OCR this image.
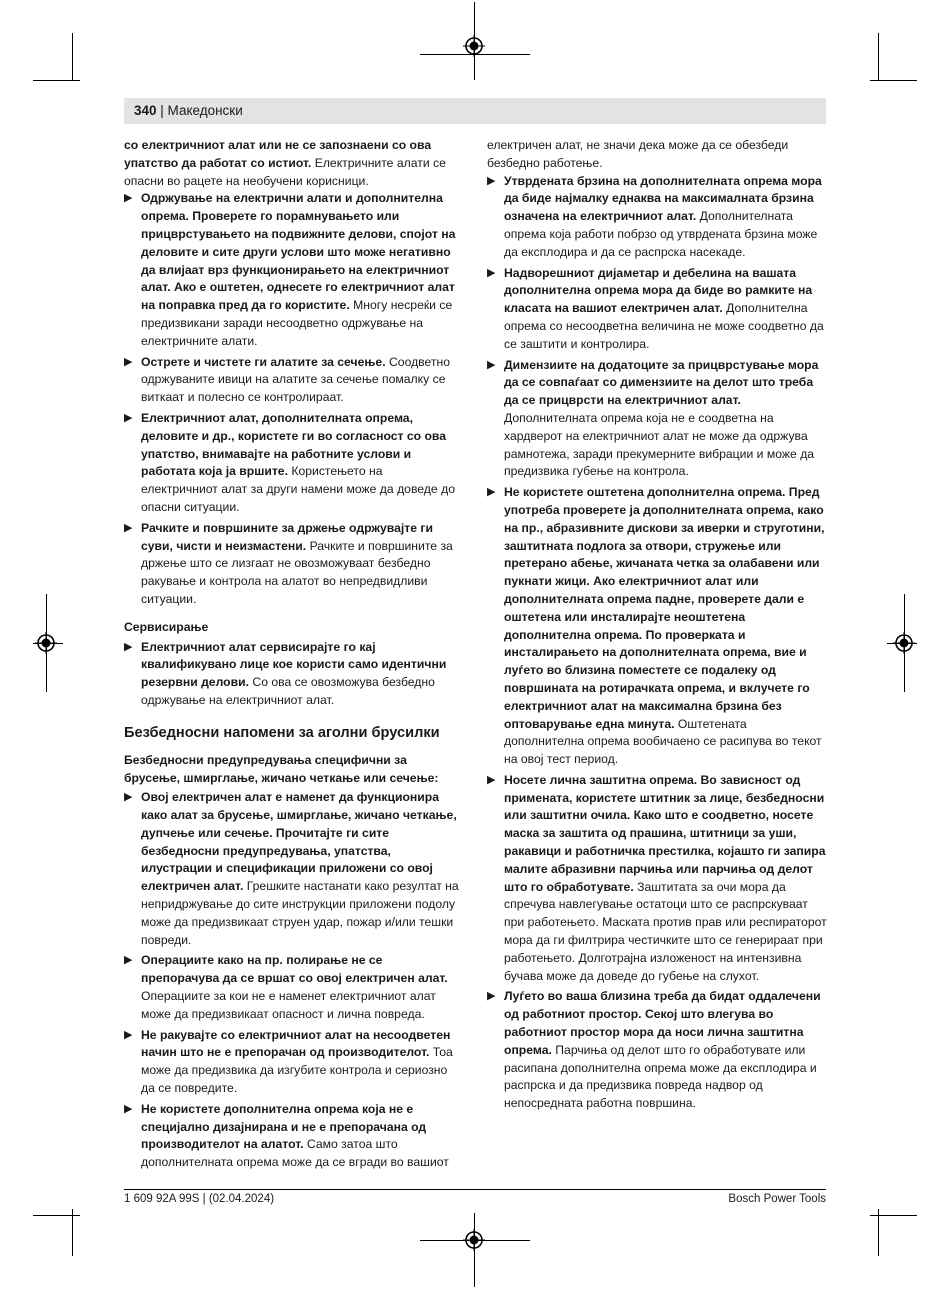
340 | Македонски

со електричниот алат или не се запознаени со ова упатство да работат со истиот. Електричните алати се опасни во рацете на необучени корисници.

▶ Одржување на електрични алати и дополнителна опрема. Проверете го порамнувањето или прицврстувањето на подвижните делови, спојот на деловите и сите други услови што може негативно да влијаат врз функционирањето на електричниот алат. Ако е оштетен, однесете го електричниот алат на поправка пред да го користите. Многу несреќи се предизвикани заради несоодветно одржување на електричните алати.
▶ Острете и чистете ги алатите за сечење. Соодветно одржуваните ивици на алатите за сечење помалку се виткаат и полесно се контролираат.
▶ Електричниот алат, дополнителната опрема, деловите и др., користете ги во согласност со ова упатство, внимавајте на работните услови и работата која ја вршите. Користењето на електричниот алат за други намени може да доведе до опасни ситуации.
▶ Рачките и површините за држење одржувајте ги суви, чисти и неизмастени. Рачките и површините за држење што се лизгаат не овозможуваат безбедно ракување и контрола на алатот во непредвидливи ситуации.
Сервисирање
▶ Електричниот алат сервисирајте го кај квалификувано лице кое користи само идентични резервни делови. Со ова се овозможува безбедно одржување на електричниот алат.
Безбедносни напомени за аголни брусилки
Безбедносни предупредувања специфични за брусење, шмирглање, жичано четкање или сечење:
▶ Овој електричен алат е наменет да функционира како алат за брусење, шмирглање, жичано четкање, дупчење или сечење. Прочитајте ги сите безбедносни предупредувања, упатства, илустрации и спецификации приложени со овој електричен алат. Грешките настанати како резултат на непридржување до сите инструкции приложени подолу може да предизвикаат струен удар, пожар и/или тешки повреди.
▶ Операциите како на пр. полирање не се препорачува да се вршат со овој електричен алат. Операциите за кои не е наменет електричниот алат може да предизвикаат опасност и лична повреда.
▶ Не ракувајте со електричниот алат на несоодветен начин што не е препорачан од производителот. Тоа може да предизвика да изгубите контрола и сериозно да се повредите.
▶ Не користете дополнителна опрема која не е специјално дизајнирана и не е препорачана од производителот на алатот. Само затоа што дополнителната опрема може да се вгради во вашиот

електричен алат, не значи дека може да се обезбеди безбедно работење.

▶ Утврдената брзина на дополнителната опрема мора да биде најмалку еднаква на максималната брзина означена на електричниот алат. Дополнителната опрема која работи побрзо од утврдената брзина може да експлодира и да се распрска насекаде.
▶ Надворешниот дијаметар и дебелина на вашата дополнителна опрема мора да биде во рамките на класата на вашиот електричен алат. Дополнителна опрема со несоодветна величина не може соодветно да се заштити и контролира.
▶ Димензиите на додатоците за прицврстување мора да се совпаѓаат со димензиите на делот што треба да се прицврсти на електричниот алат. Дополнителната опрема која не е соодветна на хардверот на електричниот алат не може да одржува рамнотежа, заради прекумерните вибрации и може да предизвика губење на контрола.
▶ Не користете оштетена дополнителна опрема. Пред употреба проверете ја дополнителната опрема, како на пр., абразивните дискови за иверки и струготини, заштитната подлога за отвори, стружење или претерано абење, жичаната четка за олабавени или пукнати жици. Ако електричниот алат или дополнителната опрема падне, проверете дали е оштетена или инсталирајте неоштетена дополнителна опрема. По проверката и инсталирањето на дополнителната опрема, вие и луѓето во близина поместете се подалеку од површината на ротирачката опрема, и вклучете го електричниот алат на максимална брзина без оптоварување една минута. Оштетената дополнителна опрема вообичаено се расипува во текот на овој тест период.
▶ Носете лична заштитна опрема. Во зависност од примената, користете штитник за лице, безбедносни или заштитни очила. Како што е соодветно, носете маска за заштита од прашина, штитници за уши, ракавици и работничка престилка, којашто ги запира малите абразивни парчиња или парчиња од делот што го обработувате. Заштитата за очи мора да спречува навлегување остатоци што се распрскуваат при работењето. Маската против прав или респираторот мора да ги филтрира честичките што се генерираат при работењето. Долготрајна изложеност на интензивна бучава може да доведе до губење на слухот.
▶ Луѓето во ваша близина треба да бидат оддалечени од работниот простор. Секој што влегува во работниот простор мора да носи лична заштитна опрема. Парчиња од делот што го обработувате или расипана дополнителна опрема може да експлодира и распрска и да предизвика повреда надвор од непосредната работна површина.
1 609 92A 99S | (02.04.2024)	Bosch Power Tools
